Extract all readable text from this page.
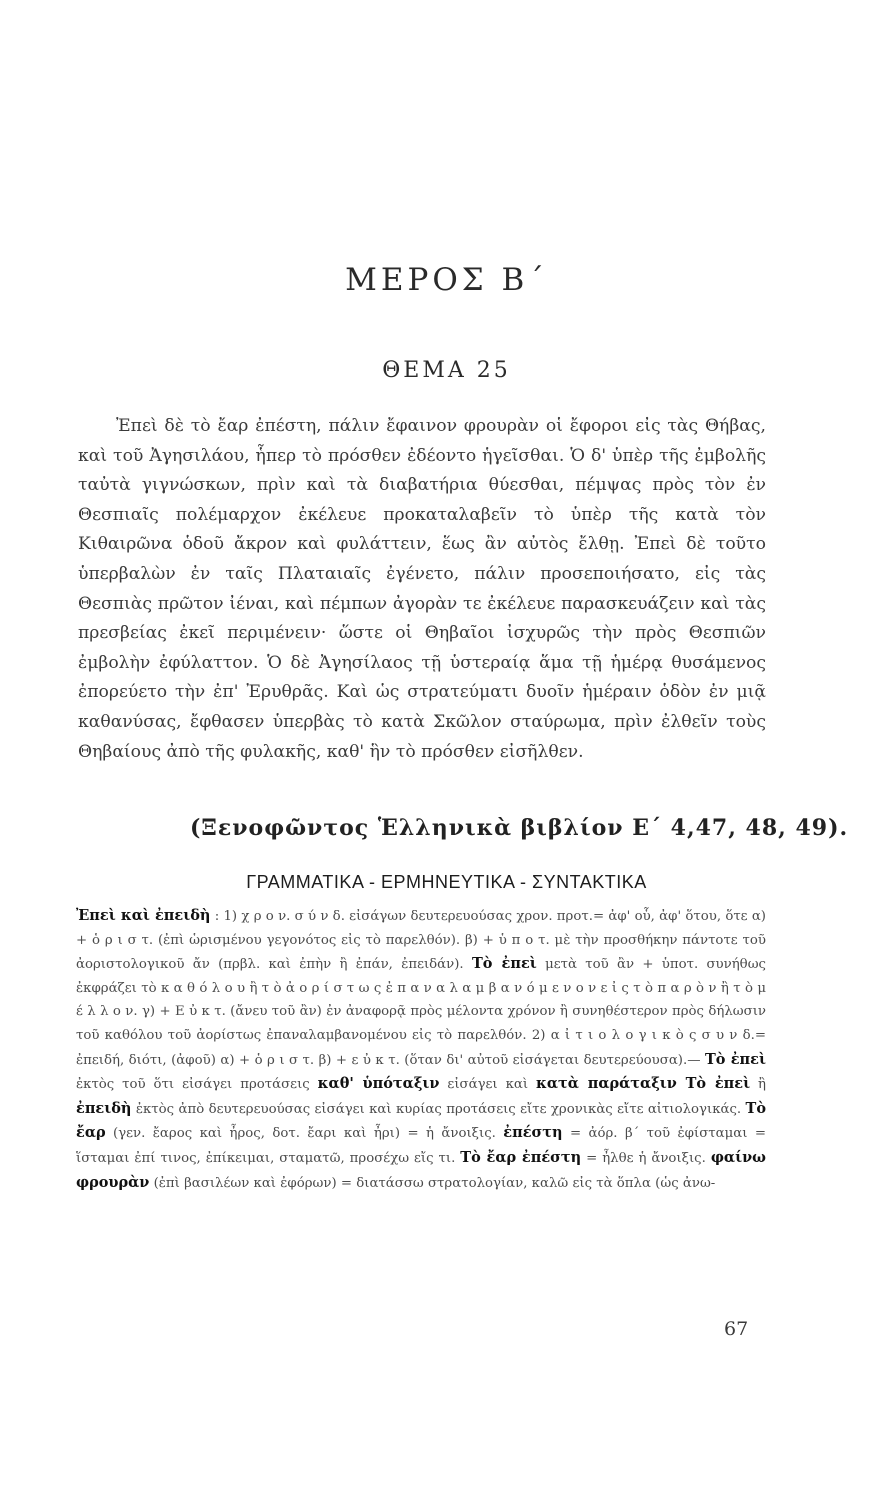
ΜΕΡΟΣ Β΄
ΘΕΜΑ 25

Ἐπεὶ δὲ τὸ ἔαρ ἐπέστη, πάλιν ἔφαινον φρουρὰν οἱ ἔφοροι εἰς τὰς Θήβας, καὶ τοῦ Ἀγησιλάου, ἧπερ τὸ πρόσθεν ἐδέοντο ἡγεῖσθαι. Ὁ δ' ὑπὲρ τῆς ἐμβολῆς ταὐτὰ γιγνώσκων, πρὶν καὶ τὰ διαβατήρια θύεσθαι, πέμψας πρὸς τὸν ἐν Θεσπιαῖς πολέμαρχον ἐκέλευε προκαταλαβεῖν τὸ ὑπὲρ τῆς κατὰ τὸν Κιθαιρῶνα ὁδοῦ ἄκρον καὶ φυλάττειν, ἕως ἂν αὐτὸς ἔλθῃ. Ἐπεὶ δὲ τοῦτο ὑπερβαλὼν ἐν ταῖς Πλαταιαῖς ἐγένετο, πάλιν προσεποιήσατο, εἰς τὰς Θεσπιὰς πρῶτον ἰέναι, καὶ πέμπων ἀγορὰν τε ἐκέλευε παρασκευάζειν καὶ τὰς πρεσβείας ἐκεῖ περιμένειν· ὥστε οἱ Θηβαῖοι ἰσχυρῶς τὴν πρὸς Θεσπιῶν ἐμβολὴν ἐφύλαττον. Ὁ δὲ Ἀγησίλαος τῇ ὑστεραίᾳ ἅμα τῇ ἡμέρᾳ θυσάμενος ἐπορεύετο τὴν ἐπ' Ἐρυθρᾶς. Καὶ ὡς στρατεύματι δυοῖν ἡμέραιν ὁδὸν ἐν μιᾷ καθανύσας, ἔφθασεν ὑπερβὰς τὸ κατὰ Σκῶλον σταύρωμα, πρὶν ἐλθεῖν τοὺς Θηβαίους ἀπὸ τῆς φυλακῆς, καθ' ἣν τὸ πρόσθεν εἰσῆλθεν.

(Ξενοφῶντος Ἑλληνικὰ βιβλίον Ε΄ 4,47, 48, 49).
ΓΡΑΜΜΑΤΙΚΑ - ΕΡΜΗΝΕΥΤΙΚΑ - ΣΥΝΤΑΚΤΙΚΑ

Ἐπεὶ καὶ ἐπειδὴ : 1) χ ρ ο ν. σ ύ ν δ. εἰσάγων δευτερευούσας χρον. προτ.= ἀφ' οὗ, ἀφ' ὅτου, ὅτε α) + ὁ ρ ι σ τ. (ἐπὶ ὡρισμένου γεγονότος εἰς τὸ παρελθόν). β) + ὑ π ο τ. μὲ τὴν προσθήκην πάντοτε τοῦ ἀοριστολογικοῦ ἄν (πρβλ. καὶ ἐπὴν ἢ ἐπάν, ἐπειδάν). Τὸ ἐπεὶ μετὰ τοῦ ἂν + ὑποτ. συνήθως ἐκφράζει τὸ κ α θ ό λ ο υ ἢ τ ὸ ἀ ο ρ ί σ τ ω ς ἐ π α ν α λ α μ β α ν ό μ ε ν ο ν ε ἰ ς τ ὸ π α ρ ὸ ν ἢ τ ὸ μ έ λ λ ο ν. γ) + Ε ὐ κ τ. (ἄνευ τοῦ ἂν) ἐν ἀναφορᾷ πρὸς μέλοντα χρόνον ἢ συνηθέστερον πρὸς δήλωσιν τοῦ καθόλου τοῦ ἀορίστως ἐπαναλαμβανομένου εἰς τὸ παρελθόν. 2) α ἰ τ ι ο λ ο γ ι κ ὸ ς σ υ ν δ.= ἐπειδή, διότι, (ἀφοῦ) α) + ὁ ρ ι σ τ. β) + ε ὐ κ τ. (ὅταν δι' αὐτοῦ εἰσάγεται δευτερεύουσα).— Τὸ ἐπεὶ ἐκτὸς τοῦ ὅτι εἰσάγει προτάσεις καθ' ὑπόταξιν εἰσάγει καὶ κατὰ παράταξιν Τὸ ἐπεὶ ἢ ἐπειδὴ ἐκτὸς ἀπὸ δευτερευούσας εἰσάγει καὶ κυρίας προτάσεις εἴτε χρονικὰς εἴτε αἰτιολογικάς. Τὸ ἔαρ (γεν. ἔαρος καὶ ἦρος, δοτ. ἔαρι καὶ ἦρι) = ἡ ἄνοιξις. ἐπέστη = ἀόρ. β΄ τοῦ ἐφίσταμαι = ἵσταμαι ἐπί τινος, ἐπίκειμαι, σταματῶ, προσέχω εἴς τι. Τὸ ἔαρ ἐπέστη = ἦλθε ἡ ἄνοιξις. φαίνω φρουρὰν (ἐπὶ βασιλέων καὶ ἐφόρων) = διατάσσω στρατολογίαν, καλῶ εἰς τὰ ὅπλα (ὡς ἀνω-

67
